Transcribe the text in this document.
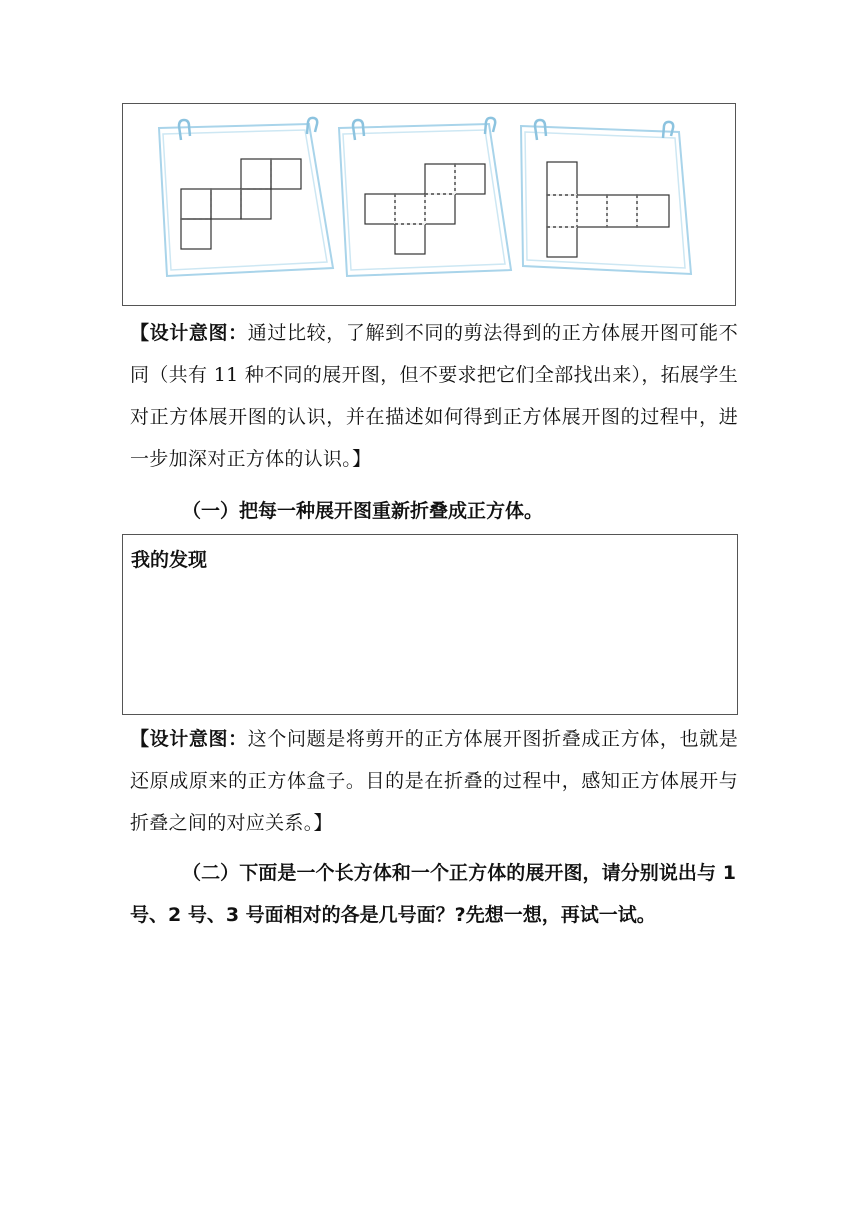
【设计意图：通过比较，了解到不同的剪法得到的正方体展开图可能不同（共有 11 种不同的展开图，但不要求把它们全部找出来），拓展学生对正方体展开图的认识，并在描述如何得到正方体展开图的过程中，进一步加深对正方体的认识。】
（一）把每一种展开图重新折叠成正方体。
我的发现
【设计意图：这个问题是将剪开的正方体展开图折叠成正方体，也就是还原成原来的正方体盒子。目的是在折叠的过程中，感知正方体展开与折叠之间的对应关系。】
（二）下面是一个长方体和一个正方体的展开图，请分别说出与 1 号、2 号、3 号面相对的各是几号面？?先想一想，再试一试。
